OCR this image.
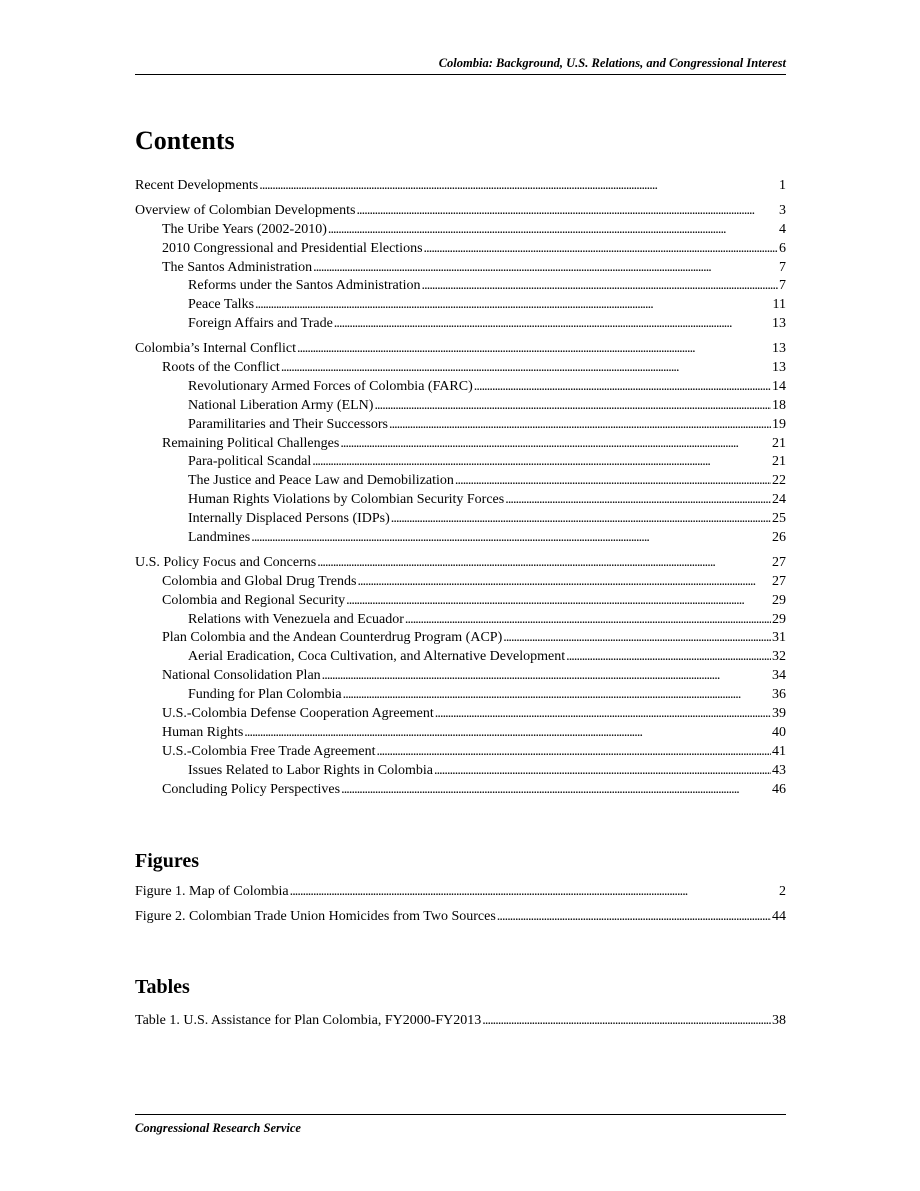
Colombia: Background, U.S. Relations, and Congressional Interest
Contents
Recent Developments . . .	1
Overview of Colombian Developments . . .	3
The Uribe Years (2002-2010) . . .	4
2010 Congressional and Presidential Elections . . .	6
The Santos Administration . . .	7
Reforms under the Santos Administration . . .	7
Peace Talks . . .	11
Foreign Affairs and Trade . . .	13
Colombia’s Internal Conflict . . .	13
Roots of the Conflict . . .	13
Revolutionary Armed Forces of Colombia (FARC) . . .	14
National Liberation Army (ELN) . . .	18
Paramilitaries and Their Successors . . .	19
Remaining Political Challenges . . .	21
Para-political Scandal . . .	21
The Justice and Peace Law and Demobilization . . .	22
Human Rights Violations by Colombian Security Forces . . .	24
Internally Displaced Persons (IDPs) . . .	25
Landmines . . .	26
U.S. Policy Focus and Concerns . . .	27
Colombia and Global Drug Trends . . .	27
Colombia and Regional Security . . .	29
Relations with Venezuela and Ecuador . . .	29
Plan Colombia and the Andean Counterdrug Program (ACP) . . .	31
Aerial Eradication, Coca Cultivation, and Alternative Development . . .	32
National Consolidation Plan . . .	34
Funding for Plan Colombia . . .	36
U.S.-Colombia Defense Cooperation Agreement . . .	39
Human Rights . . .	40
U.S.-Colombia Free Trade Agreement . . .	41
Issues Related to Labor Rights in Colombia . . .	43
Concluding Policy Perspectives . . .	46
Figures
Figure 1. Map of Colombia . . .	2
Figure 2. Colombian Trade Union Homicides from Two Sources . . .	44
Tables
Table 1. U.S. Assistance for Plan Colombia, FY2000-FY2013 . . .	38
Congressional Research Service
